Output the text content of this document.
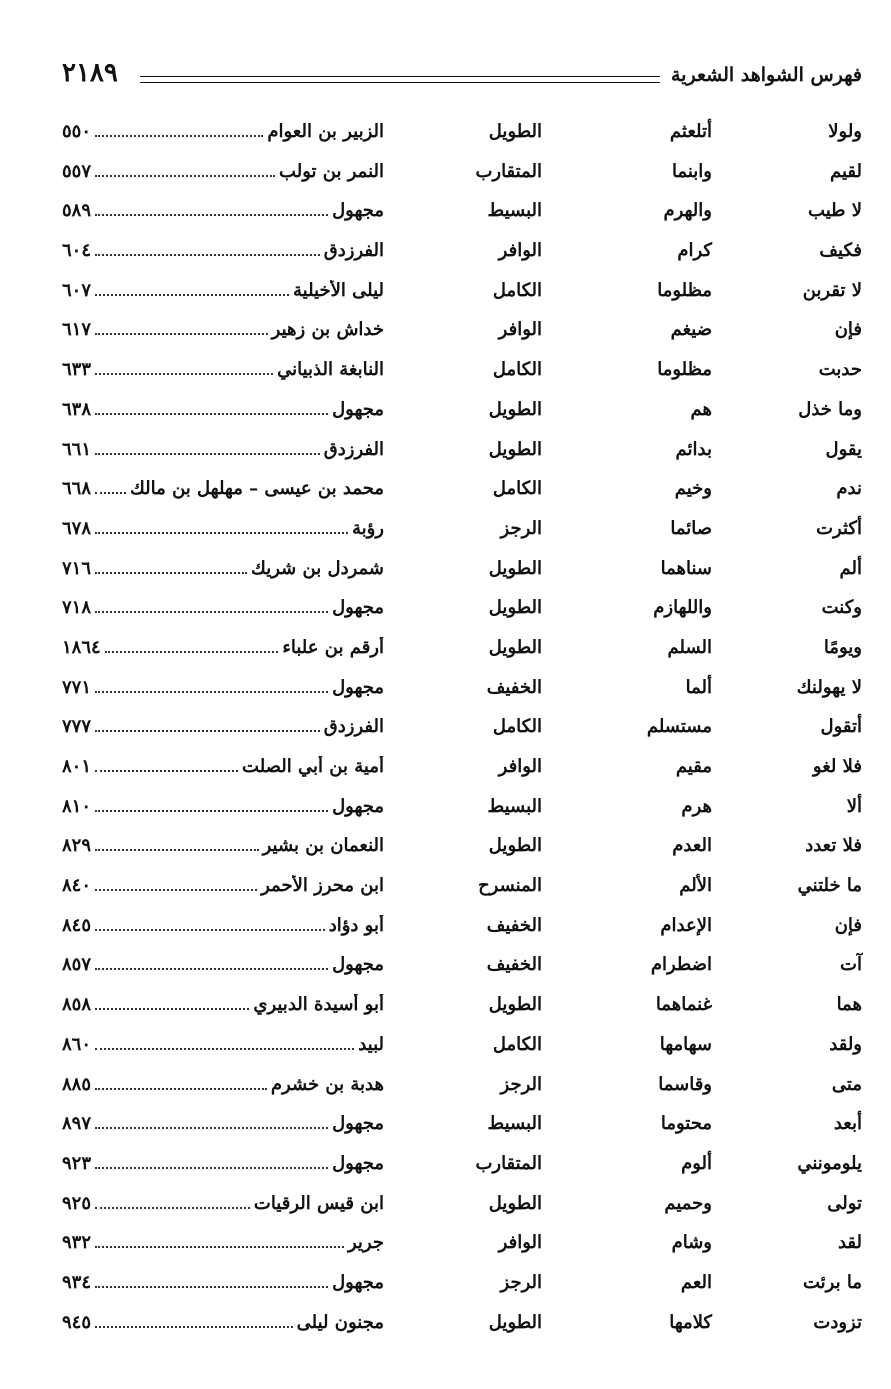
فهرس الشواهد الشعرية
٢١٨٩
ولولا
أتلعثم
الطويل
الزبير بن العوام
٥٥٠
لقيم
وابنما
المتقارب
النمر بن تولب
٥٥٧
لا طيب
والهرم
البسيط
مجهول
٥٨٩
فكيف
كرام
الوافر
الفرزدق
٦٠٤
لا تقربن
مظلوما
الكامل
ليلى الأخيلية
٦٠٧
فإن
ضيغم
الوافر
خداش بن زهير
٦١٧
حدبت
مظلوما
الكامل
النابغة الذبياني
٦٣٣
وما خذل
هم
الطويل
مجهول
٦٣٨
يقول
بدائم
الطويل
الفرزدق
٦٦١
ندم
وخيم
الكامل
محمد بن عيسى – مهلهل بن مالك
٦٦٨
أكثرت
صائما
الرجز
رؤبة
٦٧٨
ألم
سناهما
الطويل
شمردل بن شريك
٧١٦
وكنت
واللهازم
الطويل
مجهول
٧١٨
ويومًا
السلم
الطويل
أرقم بن علباء
١٨٦٤
لا يهولنك
ألما
الخفيف
مجهول
٧٧١
أتقول
مستسلم
الكامل
الفرزدق
٧٧٧
فلا لغو
مقيم
الوافر
أمية بن أبي الصلت
٨٠١
ألا
هرم
البسيط
مجهول
٨١٠
فلا تعدد
العدم
الطويل
النعمان بن بشير
٨٢٩
ما خلتني
الألم
المنسرح
ابن محرز الأحمر
٨٤٠
فإن
الإعدام
الخفيف
أبو دؤاد
٨٤٥
آت
اضطرام
الخفيف
مجهول
٨٥٧
هما
غنماهما
الطويل
أبو أسيدة الدبيري
٨٥٨
ولقد
سهامها
الكامل
لبيد
٨٦٠
متى
وقاسما
الرجز
هدبة بن خشرم
٨٨٥
أبعد
محتوما
البسيط
مجهول
٨٩٧
يلومونني
ألوم
المتقارب
مجهول
٩٢٣
تولى
وحميم
الطويل
ابن قيس الرقيات
٩٢٥
لقد
وشام
الوافر
جرير
٩٣٢
ما برئت
العم
الرجز
مجهول
٩٣٤
تزودت
كلامها
الطويل
مجنون ليلى
٩٤٥
